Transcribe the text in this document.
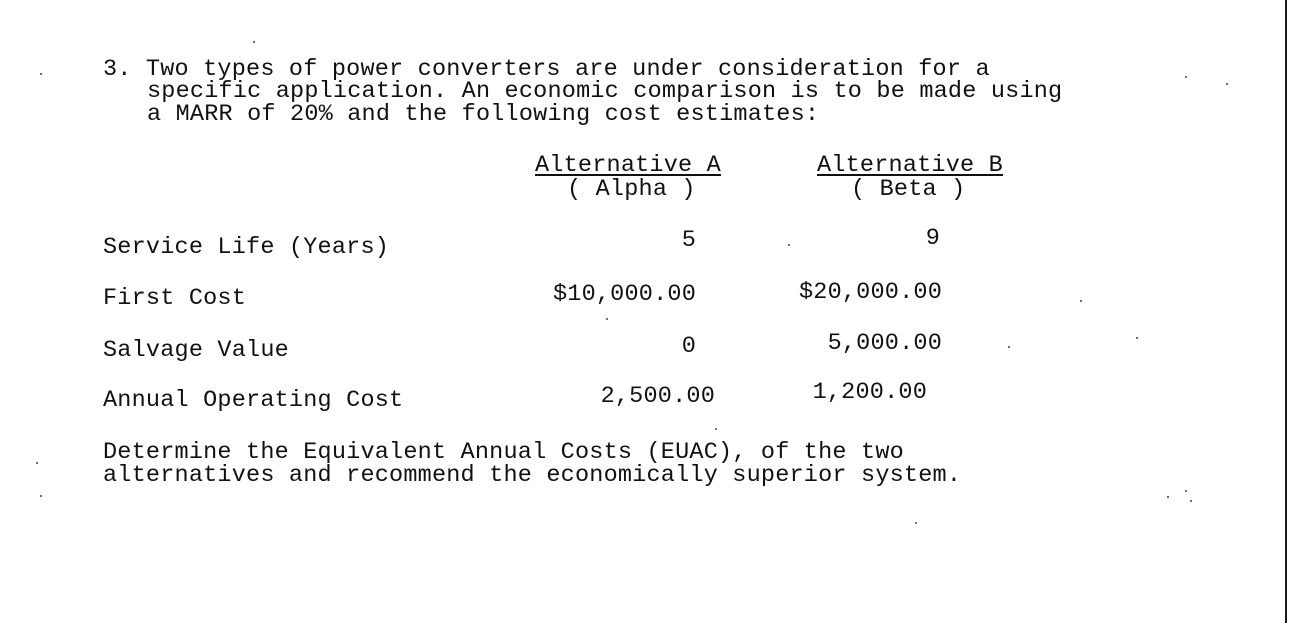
3. Two types of power converters are under consideration for a
specific application. An economic comparison is to be made using
a MARR of 20% and the following cost estimates:
Alternative A
( Alpha )
Alternative B
( Beta )
Service Life (Years)	5	9
First Cost	$10,000.00	$20,000.00
Salvage Value	0	5,000.00
Annual Operating Cost	2,500.00	1,200.00
Determine the Equivalent Annual Costs (EUAC), of the two
alternatives and recommend the economically superior system.
